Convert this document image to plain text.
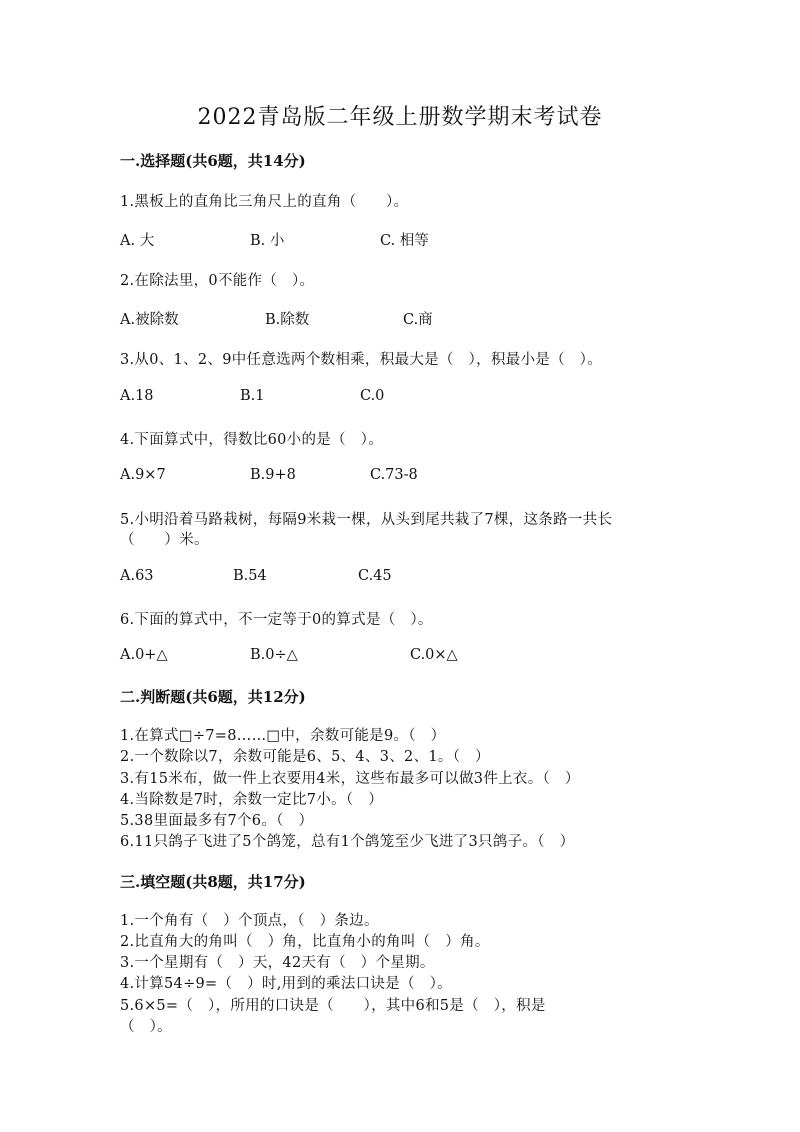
2022青岛版二年级上册数学期末考试卷
一.选择题(共6题，共14分)
1.黑板上的直角比三角尺上的直角（　　）。
A. 大	B. 小	C. 相等
2.在除法里，0不能作（　）。
A.被除数	B.除数	C.商
3.从0、1、2、9中任意选两个数相乘，积最大是（　），积最小是（　）。
A.18	B.1	C.0
4.下面算式中，得数比60小的是（　）。
A.9×7	B.9+8	C.73-8
5.小明沿着马路栽树，每隔9米栽一棵，从头到尾共栽了7棵，这条路一共长
（　　）米。
A.63	B.54	C.45
6.下面的算式中，不一定等于0的算式是（　）。
A.0+△	B.0÷△	C.0×△
二.判断题(共6题，共12分)
1.在算式□÷7=8……□中，余数可能是9。（　）
2.一个数除以7，余数可能是6、5、4、3、2、1。（　）
3.有15米布，做一件上衣要用4米，这些布最多可以做3件上衣。（　）
4.当除数是7时，余数一定比7小。（　）
5.38里面最多有7个6。（　）
6.11只鸽子飞进了5个鸽笼，总有1个鸽笼至少飞进了3只鸽子。（　）
三.填空题(共8题，共17分)
1.一个角有（　）个顶点，（　）条边。
2.比直角大的角叫（　）角，比直角小的角叫（　）角。
3.一个星期有（　）天，42天有（　）个星期。
4.计算54÷9=（　）时,用到的乘法口诀是（　）。
5.6×5=（　），所用的口诀是（　　），其中6和5是（　），积是
（　）。
